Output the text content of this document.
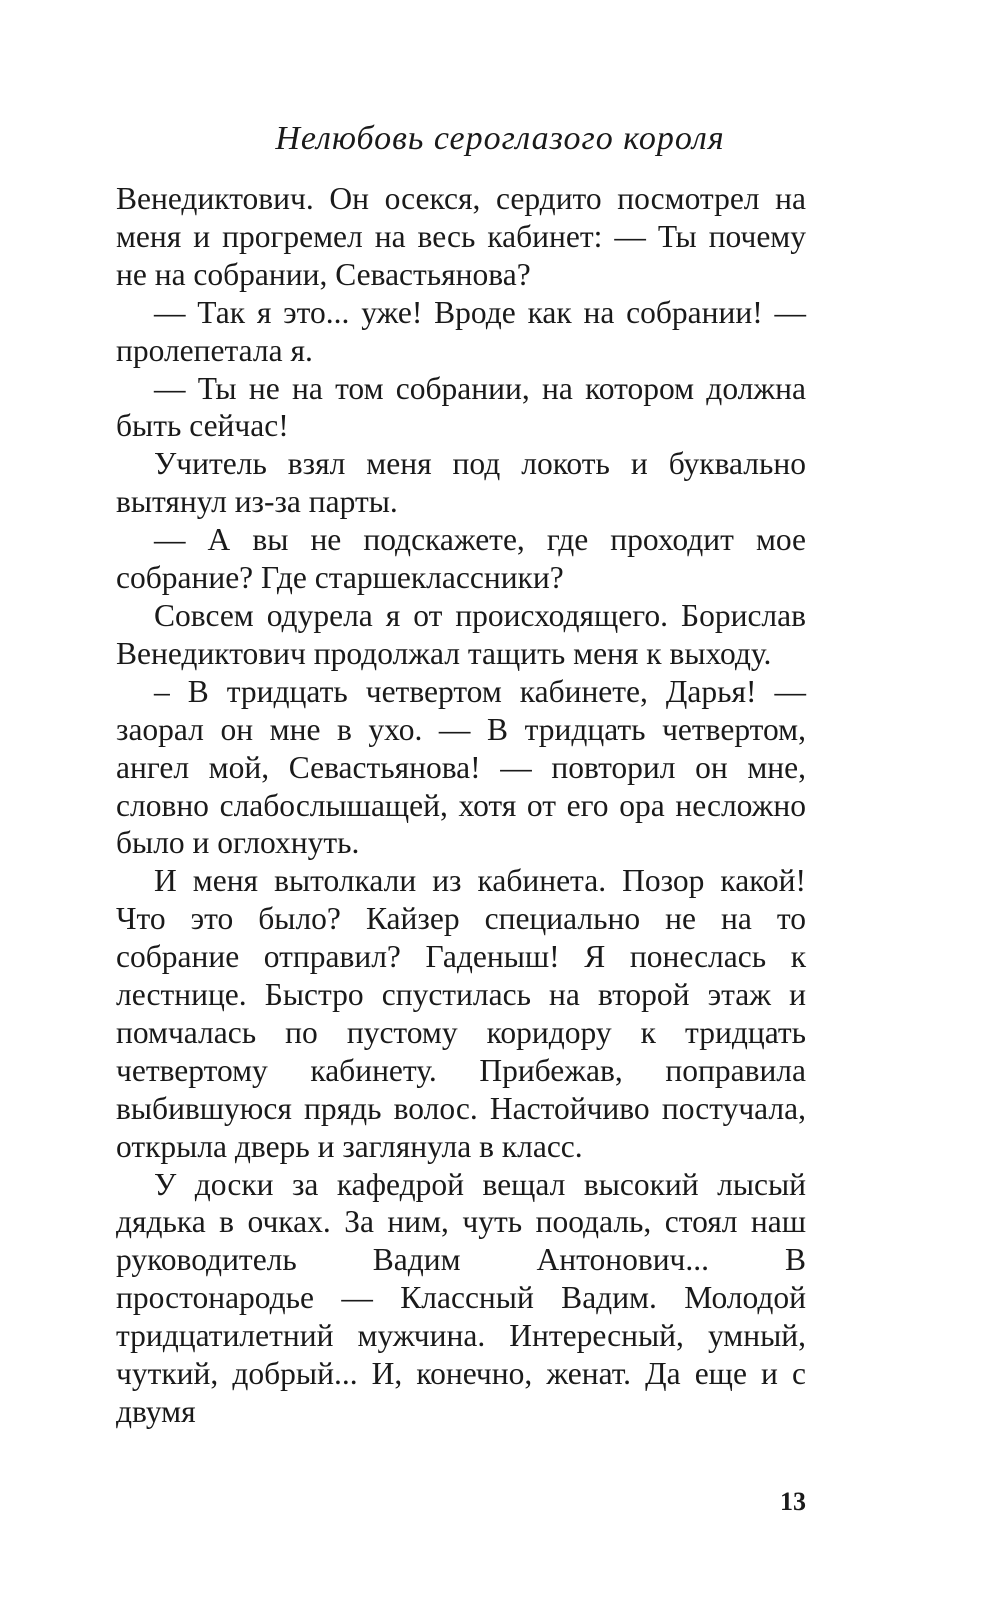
Нелюбовь сероглазого короля

Венедиктович. Он осекся, сердито посмотрел на меня и прогремел на весь кабинет: — Ты почему не на собрании, Севастьянова?

— Так я это... уже! Вроде как на собрании! — пролепетала я.

— Ты не на том собрании, на котором должна быть сейчас!

Учитель взял меня под локоть и буквально вытянул из-за парты.

— А вы не подскажете, где проходит мое собрание? Где старшеклассники?

Совсем одурела я от происходящего. Борислав Венедиктович продолжал тащить меня к выходу.

– В тридцать четвертом кабинете, Дарья! — заорал он мне в ухо. — В тридцать четвертом, ангел мой, Севастьянова! — повторил он мне, словно слабослышащей, хотя от его ора несложно было и оглохнуть.

И меня вытолкали из кабинета. Позор какой! Что это было? Кайзер специально не на то собрание отправил? Гаденыш! Я понеслась к лестнице. Быстро спустилась на второй этаж и помчалась по пустому коридору к тридцать четвертому кабинету. Прибежав, поправила выбившуюся прядь волос. Настойчиво постучала, открыла дверь и заглянула в класс.

У доски за кафедрой вещал высокий лысый дядька в очках. За ним, чуть поодаль, стоял наш руководитель Вадим Антонович... В простонародье — Классный Вадим. Молодой тридцатилетний мужчина. Интересный, умный, чуткий, добрый... И, конечно, женат. Да еще и с двумя

13
